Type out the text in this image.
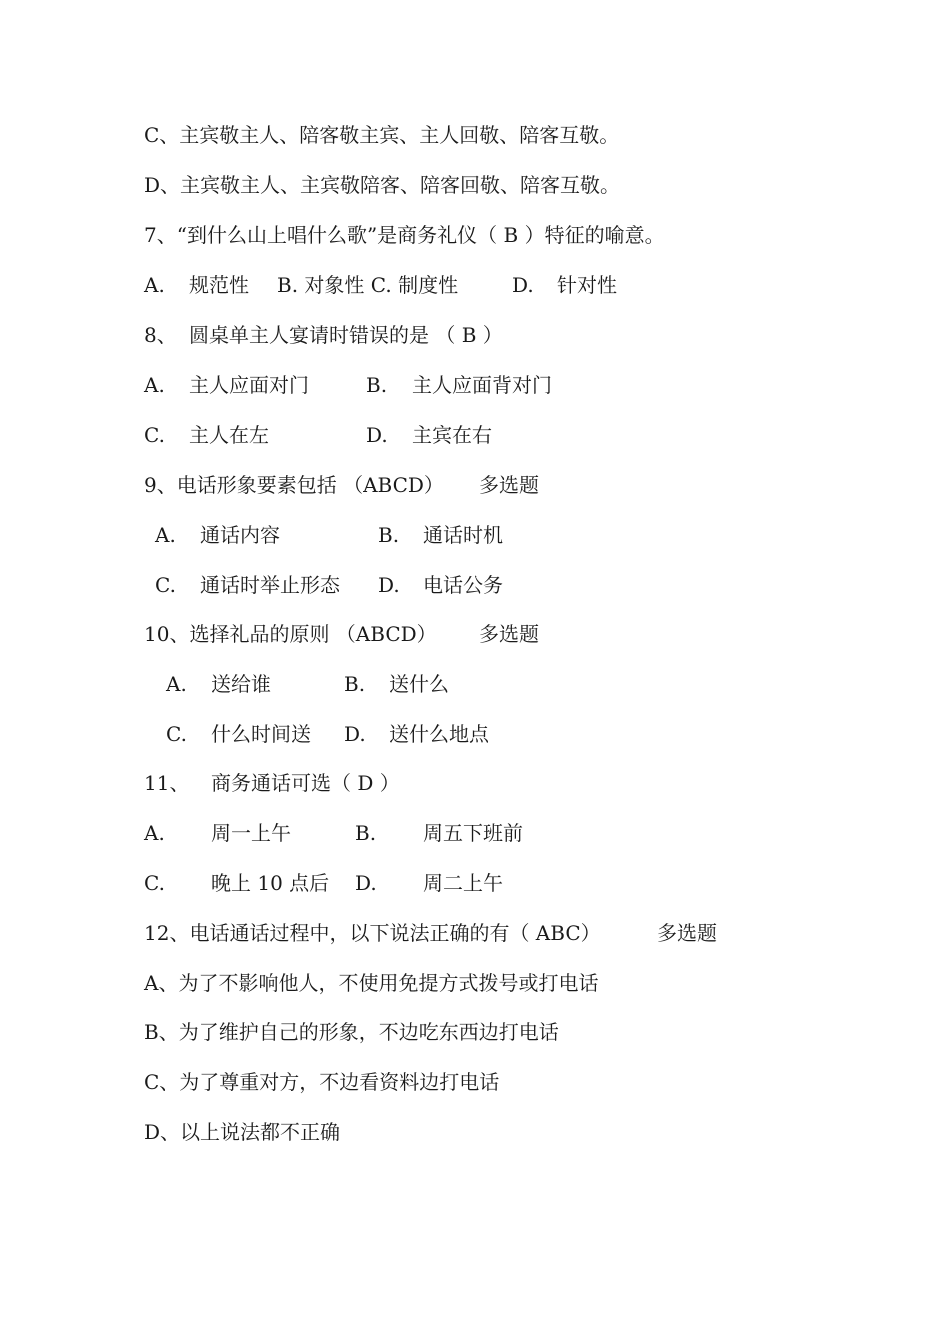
C、主宾敬主人、陪客敬主宾、主人回敬、陪客互敬。

D、主宾敬主人、主宾敬陪客、陪客回敬、陪客互敬。

7、“到什么山上唱什么歌”是商务礼仪（ B ）特征的喻意。

A.

规范性

B. 对象性 C. 制度性

	D.

针对性

8、

圆桌单主人宴请时错误的是 （ B ）

A.

主人应面对门

	B.

主人应面背对门

C.

主人在左

	D.

主宾在右

9、电话形象要素包括 （ABCD）

多选题

A.

通话内容

	B.

通话时机

C.

通话时举止形态

D.

电话公务

10、选择礼品的原则 （ABCD）

多选题

A.

送给谁

	B.

送什么

C.

什么时间送

D.

送什么地点

11、

商务通话可选（ D ）

A.

周一上午

	B.

周五下班前

C.

晚上 10 点后

D.

周二上午

12、电话通话过程中，以下说法正确的有（ ABC）

	多选题

A、为了不影响他人，不使用免提方式拨号或打电话

B、为了维护自己的形象，不边吃东西边打电话

C、为了尊重对方，不边看资料边打电话

D、以上说法都不正确
